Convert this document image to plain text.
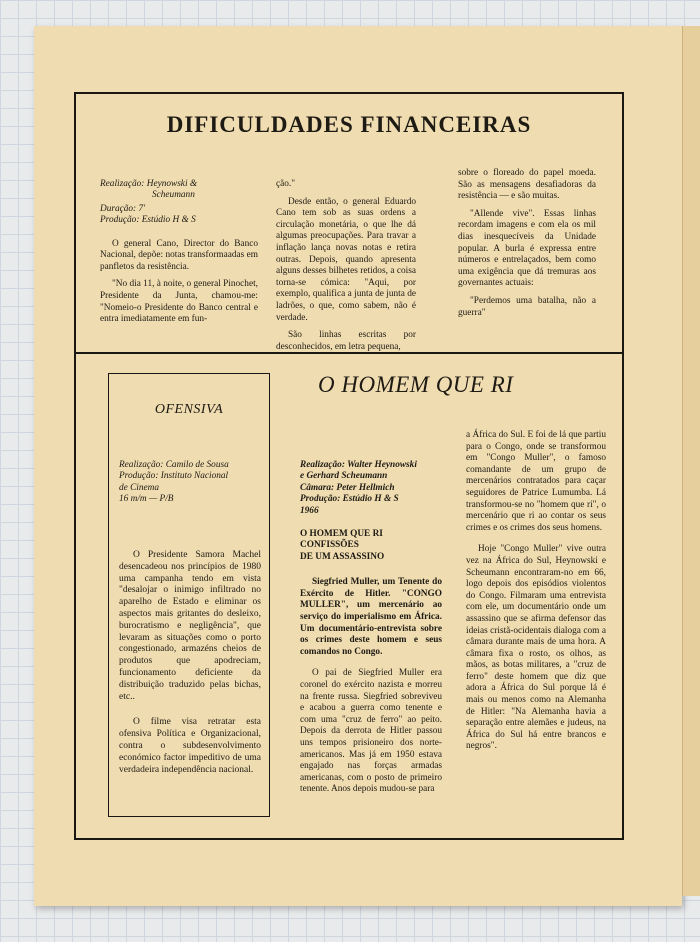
DIFICULDADES FINANCEIRAS
Realização: Heynowski &
Scheumann
Duração: 7'
Produção: Estúdio H & S

O general Cano, Director do Banco Nacional, depõe: notas transformaadas em panfletos da resistência.

"No dia 11, à noite, o general Pinochet, Presidente da Junta, chamou-me: "Nomeio-o Presidente do Banco central e entra imediatamente em fun-

ção."

Desde então, o general Eduardo Cano tem sob as suas ordens a circulação monetária, o que lhe dá algumas preocupações. Para travar a inflação lança novas notas e retira outras. Depois, quando apresenta alguns desses bilhetes retidos, a coisa torna-se cómica: "Aqui, por exemplo, qualifica a junta de junta de ladrões, o que, como sabem, não é verdade.

São linhas escritas por desconhecidos, em letra pequena,

sobre o floreado do papel moeda. São as mensagens desafiadoras da resistência — e são muitas.

"Allende vive". Essas linhas recordam imagens e com ela os mil dias inesquecíveis da Unidade popular. A burla é expressa entre números e entrelaçados, bem como uma exigência que dá tremuras aos governantes actuais:

"Perdemos uma batalha, não a guerra"

OFENSIVA
Realização: Camilo de Sousa
Produção: Instituto Nacional
de Cinema
16 m/m — P/B

O Presidente Samora Machel desencadeou nos princípios de 1980 uma campanha tendo em vista "desalojar o inimigo infiltrado no aparelho de Estado e eliminar os aspectos mais gritantes do desleixo, burocratismo e negligência", que levaram as situações como o porto congestionado, armazéns cheios de produtos que apodreciam, funcionamento deficiente da distribuição traduzido pelas bichas, etc..

O filme visa retratar esta ofensiva Política e Organizacional, contra o subdesenvolvimento económico factor impeditivo de uma verdadeira independência nacional.

O HOMEM QUE RI
Realização: Walter Heynowski
e Gerhard Scheumann
Câmara: Peter Hellmich
Produção: Estúdio H & S
1966
O HOMEM QUE RI
CONFISSÕES
DE UM ASSASSINO

Siegfried Muller, um Tenente do Exército de Hitler. "CONGO MULLER", um mercenário ao serviço do imperialismo em África. Um documentário-entrevista sobre os crimes deste homem e seus comandos no Congo.

O pai de Siegfried Muller era coronel do exército nazista e morreu na frente russa. Siegfried sobreviveu e acabou a guerra como tenente e com uma "cruz de ferro" ao peito. Depois da derrota de Hitler passou uns tempos prisioneiro dos norte-americanos. Mas já em 1950 estava engajado nas forças armadas americanas, com o posto de primeiro tenente. Anos depois mudou-se para

a África do Sul. E foi de lá que partiu para o Congo, onde se transformou em "Congo Muller", o famoso comandante de um grupo de mercenários contratados para caçar seguidores de Patrice Lumumba. Lá transformou-se no "homem que ri", o mercenário que ri ao contar os seus crimes e os crimes dos seus homens.

Hoje "Congo Muller" vive outra vez na África do Sul, Heynowski e Scheumann encontraram-no em 66, logo depois dos episódios violentos do Congo. Filmaram uma entrevista com ele, um documentário onde um assassino que se afirma defensor das ideias cristã-ocidentais dialoga com a câmara durante mais de uma hora. A câmara fixa o rosto, os olhos, as mãos, as botas militares, a "cruz de ferro" deste homem que diz que adora a África do Sul porque lá é mais ou menos como na Alemanha de Hitler: "Na Alemanha havia a separação entre alemães e judeus, na África do Sul há entre brancos e negros".
